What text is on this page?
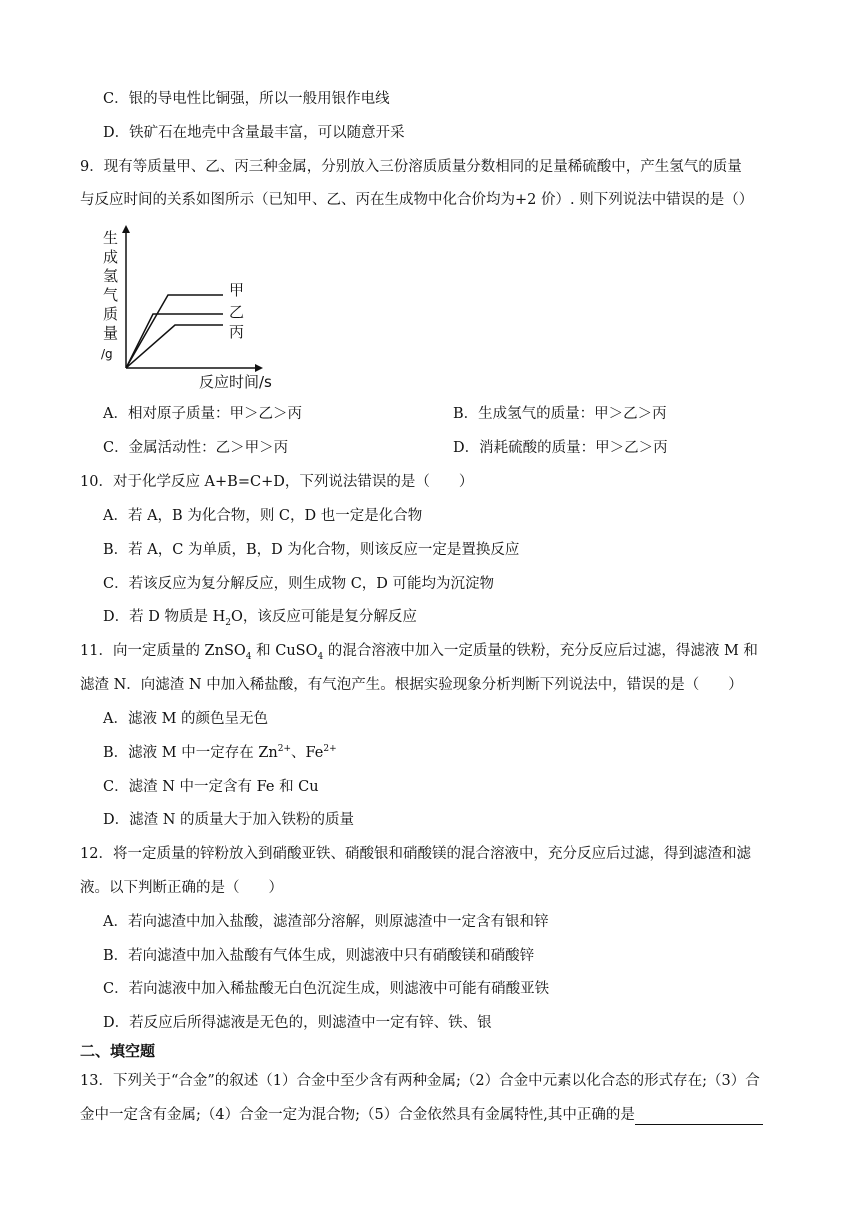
C．银的导电性比铜强，所以一般用银作电线
D．铁矿石在地壳中含量最丰富，可以随意开采
9．现有等质量甲、乙、丙三种金属，分别放入三份溶质质量分数相同的足量稀硫酸中，产生氢气的质量
与反应时间的关系如图所示（已知甲、乙、丙在生成物中化合价均为+2 价）. 则下列说法中错误的是（）
甲
乙
丙
生
成
氢
气
质
量
/g
反应时间/s
A．相对原子质量：甲＞乙＞丙	B．生成氢气的质量：甲＞乙＞丙
C．金属活动性：乙＞甲＞丙	D．消耗硫酸的质量：甲＞乙＞丙
10．对于化学反应 A+B=C+D，下列说法错误的是（　　）
A．若 A，B 为化合物，则 C，D 也一定是化合物
B．若 A，C 为单质，B，D 为化合物，则该反应一定是置换反应
C．若该反应为复分解反应，则生成物 C，D 可能均为沉淀物
D．若 D 物质是 $H_2O$，该反应可能是复分解反应
11．向一定质量的 ZnSO$_4$ 和 CuSO$_4$ 的混合溶液中加入一定质量的铁粉，充分反应后过滤，得滤液 M 和
滤渣 N．向滤渣 N 中加入稀盐酸，有气泡产生。根据实验现象分析判断下列说法中，错误的是（　　）
A．滤液 M 的颜色呈无色
B．滤液 M 中一定存在 $Zn^{2+}$、$Fe^{2+}$
C．滤渣 N 中一定含有 Fe 和 Cu
D．滤渣 N 的质量大于加入铁粉的质量
12．将一定质量的锌粉放入到硝酸亚铁、硝酸银和硝酸镁的混合溶液中，充分反应后过滤，得到滤渣和滤
液。以下判断正确的是（　　）
A．若向滤渣中加入盐酸，滤渣部分溶解，则原滤渣中一定含有银和锌
B．若向滤渣中加入盐酸有气体生成，则滤液中只有硝酸镁和硝酸锌
C．若向滤液中加入稀盐酸无白色沉淀生成，则滤液中可能有硝酸亚铁
D．若反应后所得滤液是无色的，则滤渣中一定有锌、铁、银
二、填空题
13．下列关于“合金”的叙述（1）合金中至少含有两种金属;（2）合金中元素以化合态的形式存在;（3）合
金中一定含有金属;（4）合金一定为混合物;（5）合金依然具有金属特性,其中正确的是
